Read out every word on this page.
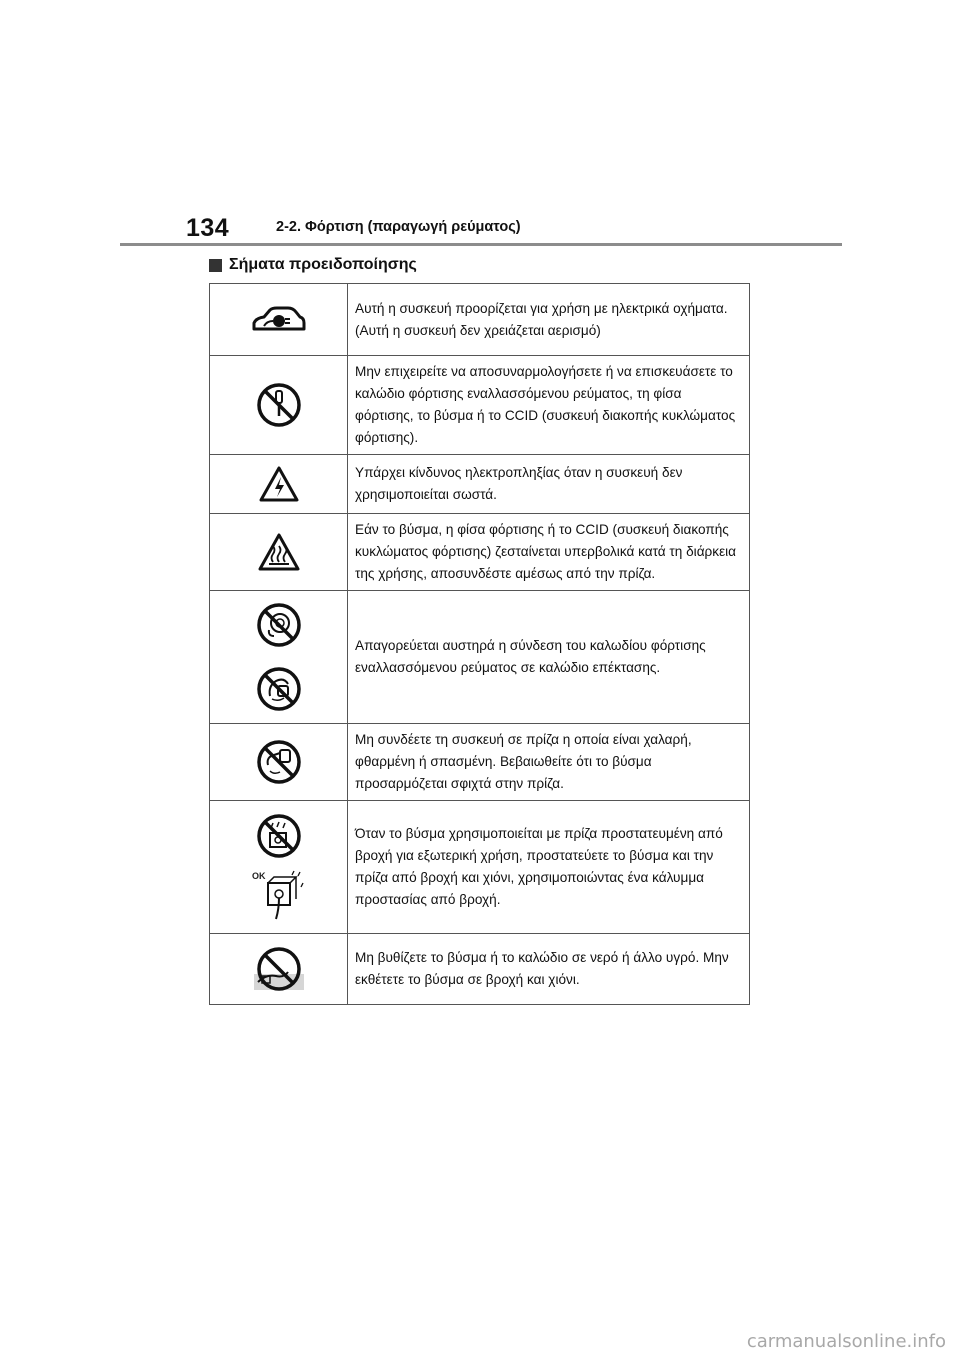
134	2-2. Φόρτιση (παραγωγή ρεύματος)
Σήματα προειδοποίησης
	Αυτή η συσκευή προορίζεται για χρήση με ηλεκτρικά οχήματα. (Αυτή η συσκευή δεν χρειάζεται αερισμό)

	Μην επιχειρείτε να αποσυναρμολογήσετε ή να επισκευάσετε το καλώδιο φόρτισης εναλλασσόμενου ρεύματος, τη φίσα φόρτισης, το βύσμα ή το CCID (συσκευή διακοπής κυκλώματος φόρτισης).

	Υπάρχει κίνδυνος ηλεκτροπληξίας όταν η συσκευή δεν χρησιμοποιείται σωστά.

	Εάν το βύσμα, η φίσα φόρτισης ή το CCID (συσκευή διακοπής κυκλώματος φόρτισης) ζεσταίνεται υπερβολικά κατά τη διάρκεια της χρήσης, αποσυνδέστε αμέσως από την πρίζα.

	Απαγορεύεται αυστηρά η σύνδεση του καλωδίου φόρτισης εναλλασσόμενου ρεύματος σε καλώδιο επέκτασης.

	Μη συνδέετε τη συσκευή σε πρίζα η οποία είναι χαλαρή, φθαρμένη ή σπασμένη. Βεβαιωθείτε ότι το βύσμα προσαρμόζεται σφιχτά στην πρίζα.

OK	Όταν το βύσμα χρησιμοποιείται με πρίζα προστατευμένη από βροχή για εξωτερική χρήση, προστατεύετε το βύσμα και την πρίζα από βροχή και χιόνι, χρησιμοποιώντας ένα κάλυμμα προστασίας από βροχή.

	Μη βυθίζετε το βύσμα ή το καλώδιο σε νερό ή άλλο υγρό. Μην εκθέτετε το βύσμα σε βροχή και χιόνι.
carmanualsonline.info
